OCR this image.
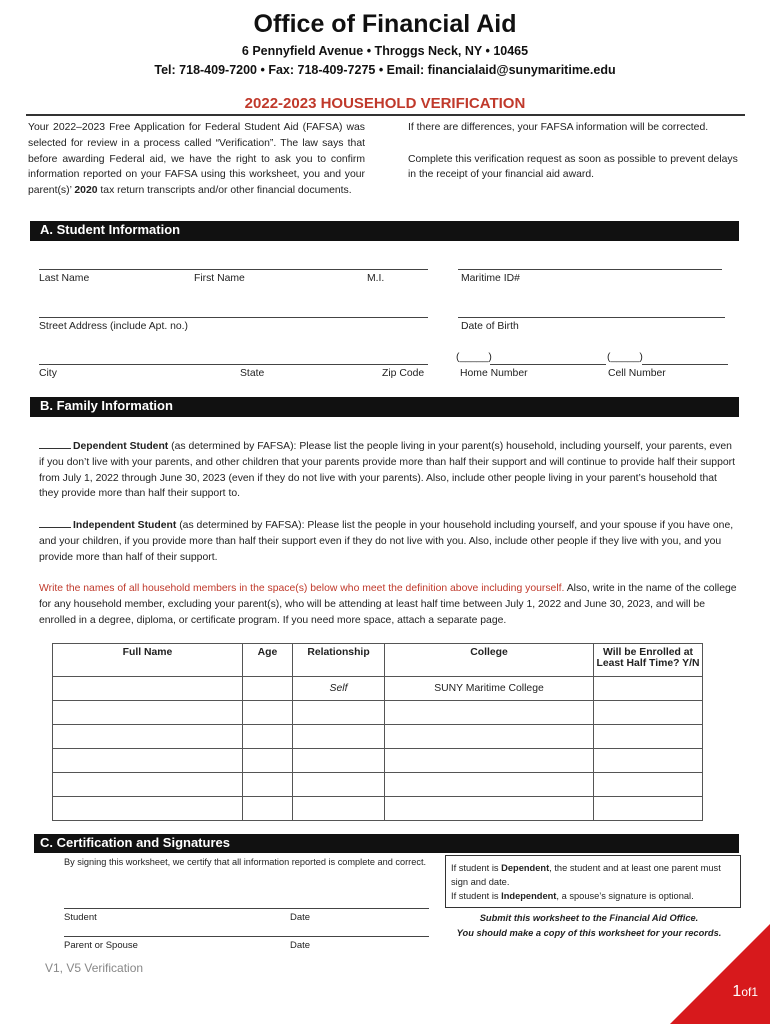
Office of Financial Aid
6 Pennyfield Avenue • Throggs Neck, NY • 10465
Tel: 718-409-7200 • Fax: 718-409-7275 • Email: financialaid@sunymaritime.edu
2022-2023 HOUSEHOLD VERIFICATION
Your 2022–2023 Free Application for Federal Student Aid (FAFSA) was selected for review in a process called “Verification”. The law says that before awarding Federal aid, we have the right to ask you to confirm information reported on your FAFSA using this worksheet, you and your parent(s)’ 2020 tax return transcripts and/or other financial documents.

If there are differences, your FAFSA information will be corrected.

Complete this verification request as soon as possible to prevent delays in the receipt of your financial aid award.

A. Student Information
Last Name	First Name	M.I.	Maritime ID#
Street Address (include Apt. no.)	Date of Birth
(_____)	(_____)
City	State	Zip Code	Home Number	Cell Number
B. Family Information
Dependent Student (as determined by FAFSA): Please list the people living in your parent(s) household, including yourself, your parents, even if you don’t live with your parents, and other children that your parents provide more than half their support and will continue to provide half their support from July 1, 2022 through June 30, 2023 (even if they do not live with your parents). Also, include other people living in your parent’s household that they provide more than half their support to.
Independent Student (as determined by FAFSA): Please list the people in your household including yourself, and your spouse if you have one, and your children, if you provide more than half their support even if they do not live with you. Also, include other people if they live with you, and you provide more than half of their support.
Write the names of all household members in the space(s) below who meet the definition above including yourself. Also, write in the name of the college for any household member, excluding your parent(s), who will be attending at least half time between July 1, 2022 and June 30, 2023, and will be enrolled in a degree, diploma, or certificate program. If you need more space, attach a separate page.
Full Name	Age	Relationship	College	Will be Enrolled at Least Half Time? Y/N
		Self	SUNY Maritime College	

C. Certification and Signatures
By signing this worksheet, we certify that all information reported is complete and correct.
Student	Date
Parent or Spouse	Date
If student is Dependent, the student and at least one parent must sign and date.
If student is Independent, a spouse’s signature is optional.
Submit this worksheet to the Financial Aid Office.
You should make a copy of this worksheet for your records.
V1, V5 Verification
1of1
